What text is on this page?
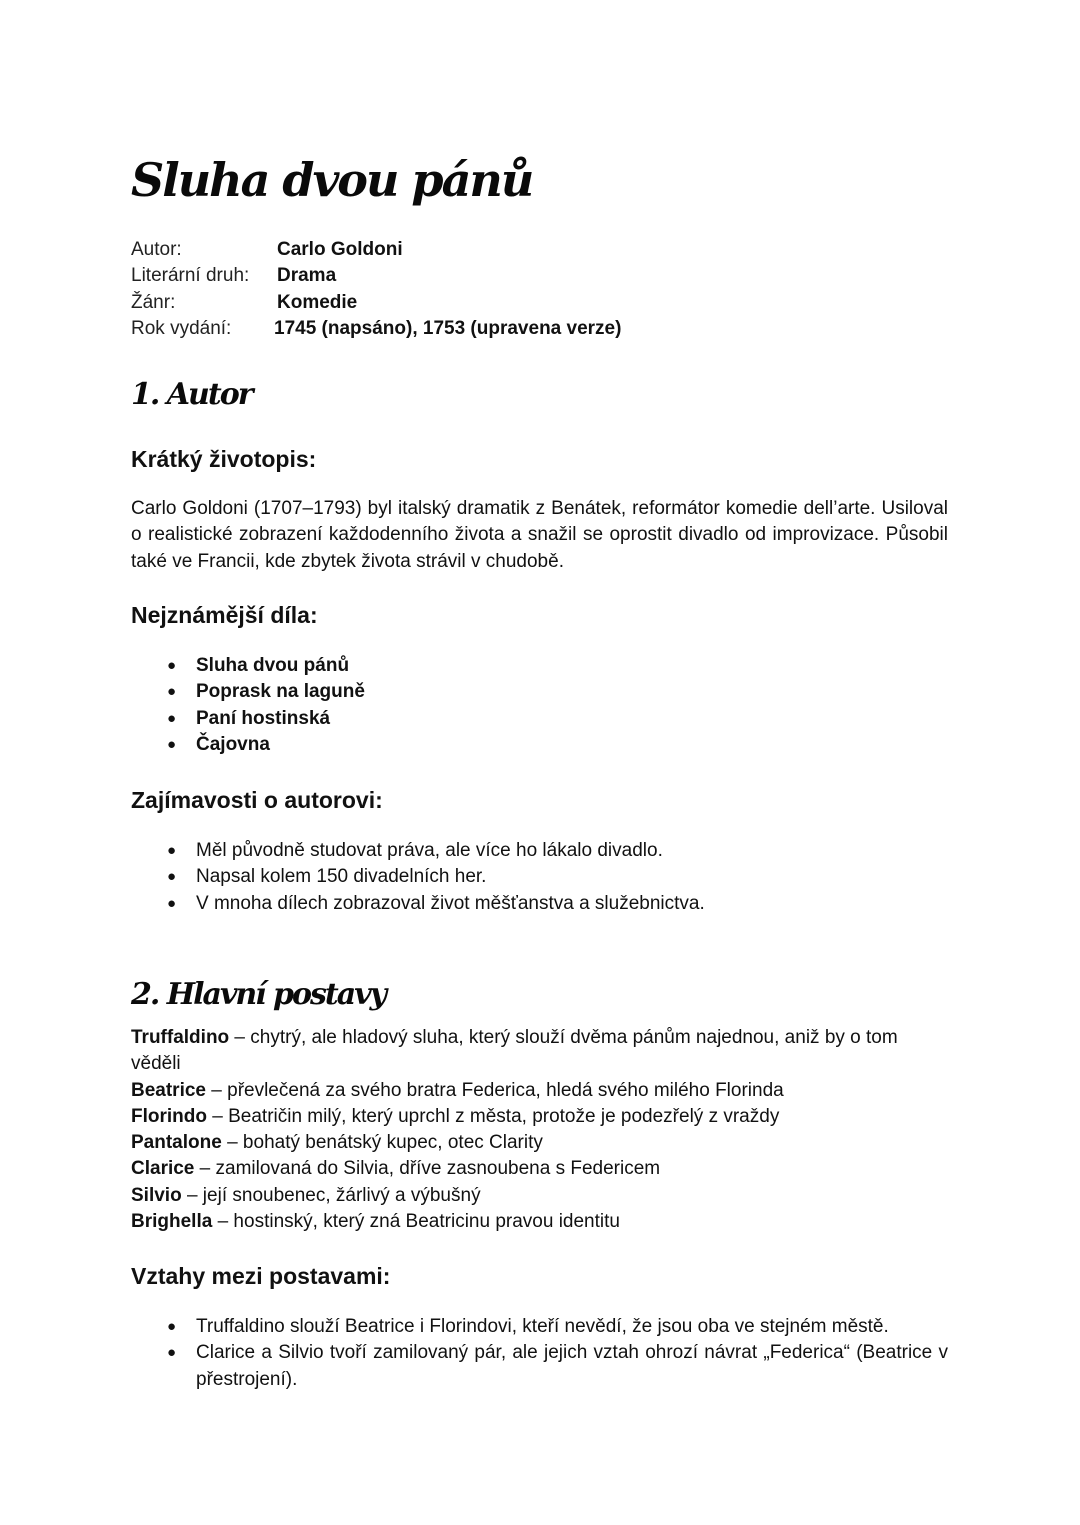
Sluha dvou pánů
Autor:	Carlo Goldoni
Literární druh:	Drama
Žánr:	Komedie
Rok vydání:	1745 (napsáno), 1753 (upravena verze)
1. Autor
Krátký životopis:

Carlo Goldoni (1707–1793) byl italský dramatik z Benátek, reformátor komedie dell’arte. Usiloval o realistické zobrazení každodenního života a snažil se oprostit divadlo od improvizace. Působil také ve Francii, kde zbytek života strávil v chudobě.

Nejznámější díla:
● Sluha dvou pánů
● Poprask na laguně
● Paní hostinská
● Čajovna
Zajímavosti o autorovi:
● Měl původně studovat práva, ale více ho lákalo divadlo.
● Napsal kolem 150 divadelních her.
● V mnoha dílech zobrazoval život měšťanstva a služebnictva.
2. Hlavní postavy
Truffaldino – chytrý, ale hladový sluha, který slouží dvěma pánům najednou, aniž by o tom věděli
Beatrice – převlečená za svého bratra Federica, hledá svého milého Florinda
Florindo – Beatričin milý, který uprchl z města, protože je podezřelý z vraždy
Pantalone – bohatý benátský kupec, otec Clarity
Clarice – zamilovaná do Silvia, dříve zasnoubena s Federicem
Silvio – její snoubenec, žárlivý a výbušný
Brighella – hostinský, který zná Beatricinu pravou identitu
Vztahy mezi postavami:
● Truffaldino slouží Beatrice i Florindovi, kteří nevědí, že jsou oba ve stejném městě.
● Clarice a Silvio tvoří zamilovaný pár, ale jejich vztah ohrozí návrat „Federica“ (Beatrice v přestrojení).
